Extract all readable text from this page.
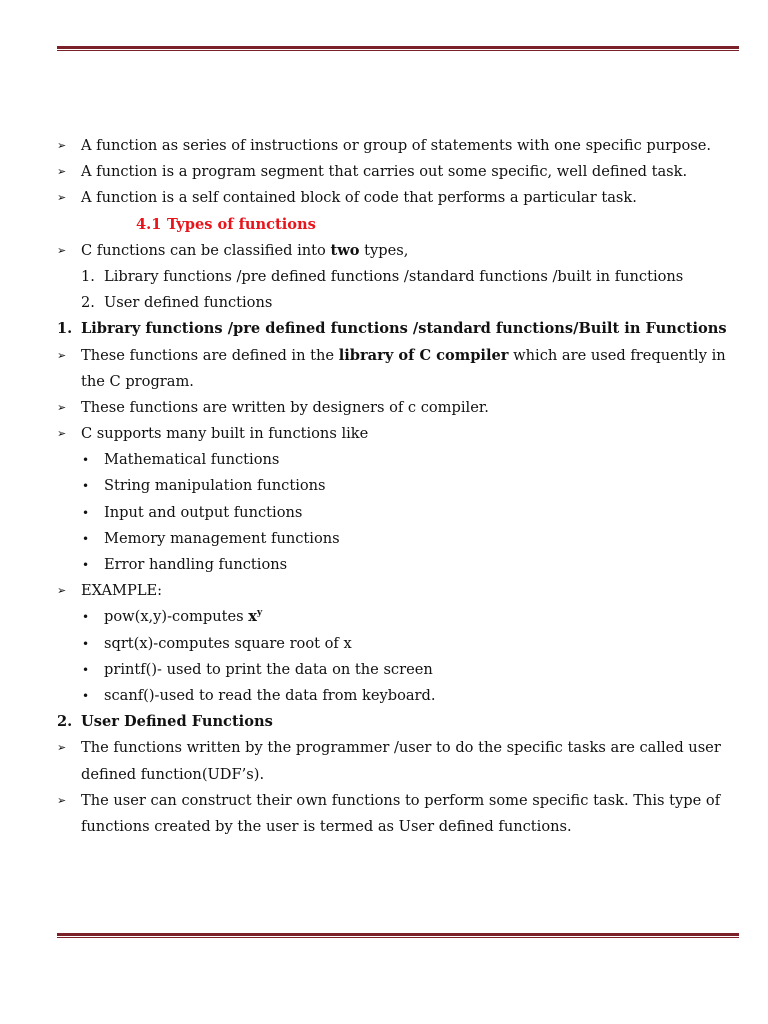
➢ A function as series of instructions or group of statements with one specific purpose.
➢ A function is a program segment that carries out some specific, well defined task.
➢ A function is a self contained block of code that performs a particular task.
4.1 Types of functions
➢ C functions can be classified into two types,
1. Library functions /pre defined functions /standard functions /built in functions
2. User defined functions
1. Library functions /pre defined functions /standard functions/Built in Functions
➢ These functions are defined in the library of C compiler which are used frequently in
the C program.
➢ These functions are written by designers of c compiler.
➢ C supports many built in functions like
• Mathematical functions
• String manipulation functions
• Input and output functions
• Memory management functions
• Error handling functions
➢ EXAMPLE:
• pow(x,y)-computes $x^y$
• sqrt(x)-computes square root of x
• printf()- used to print the data on the screen
• scanf()-used to read the data from keyboard.
2. User Defined Functions
➢ The functions written by the programmer /user to do the specific tasks are called user
defined function(UDF’s).
➢ The user can construct their own functions to perform some specific task. This type of
functions created by the user is termed as User defined functions.
